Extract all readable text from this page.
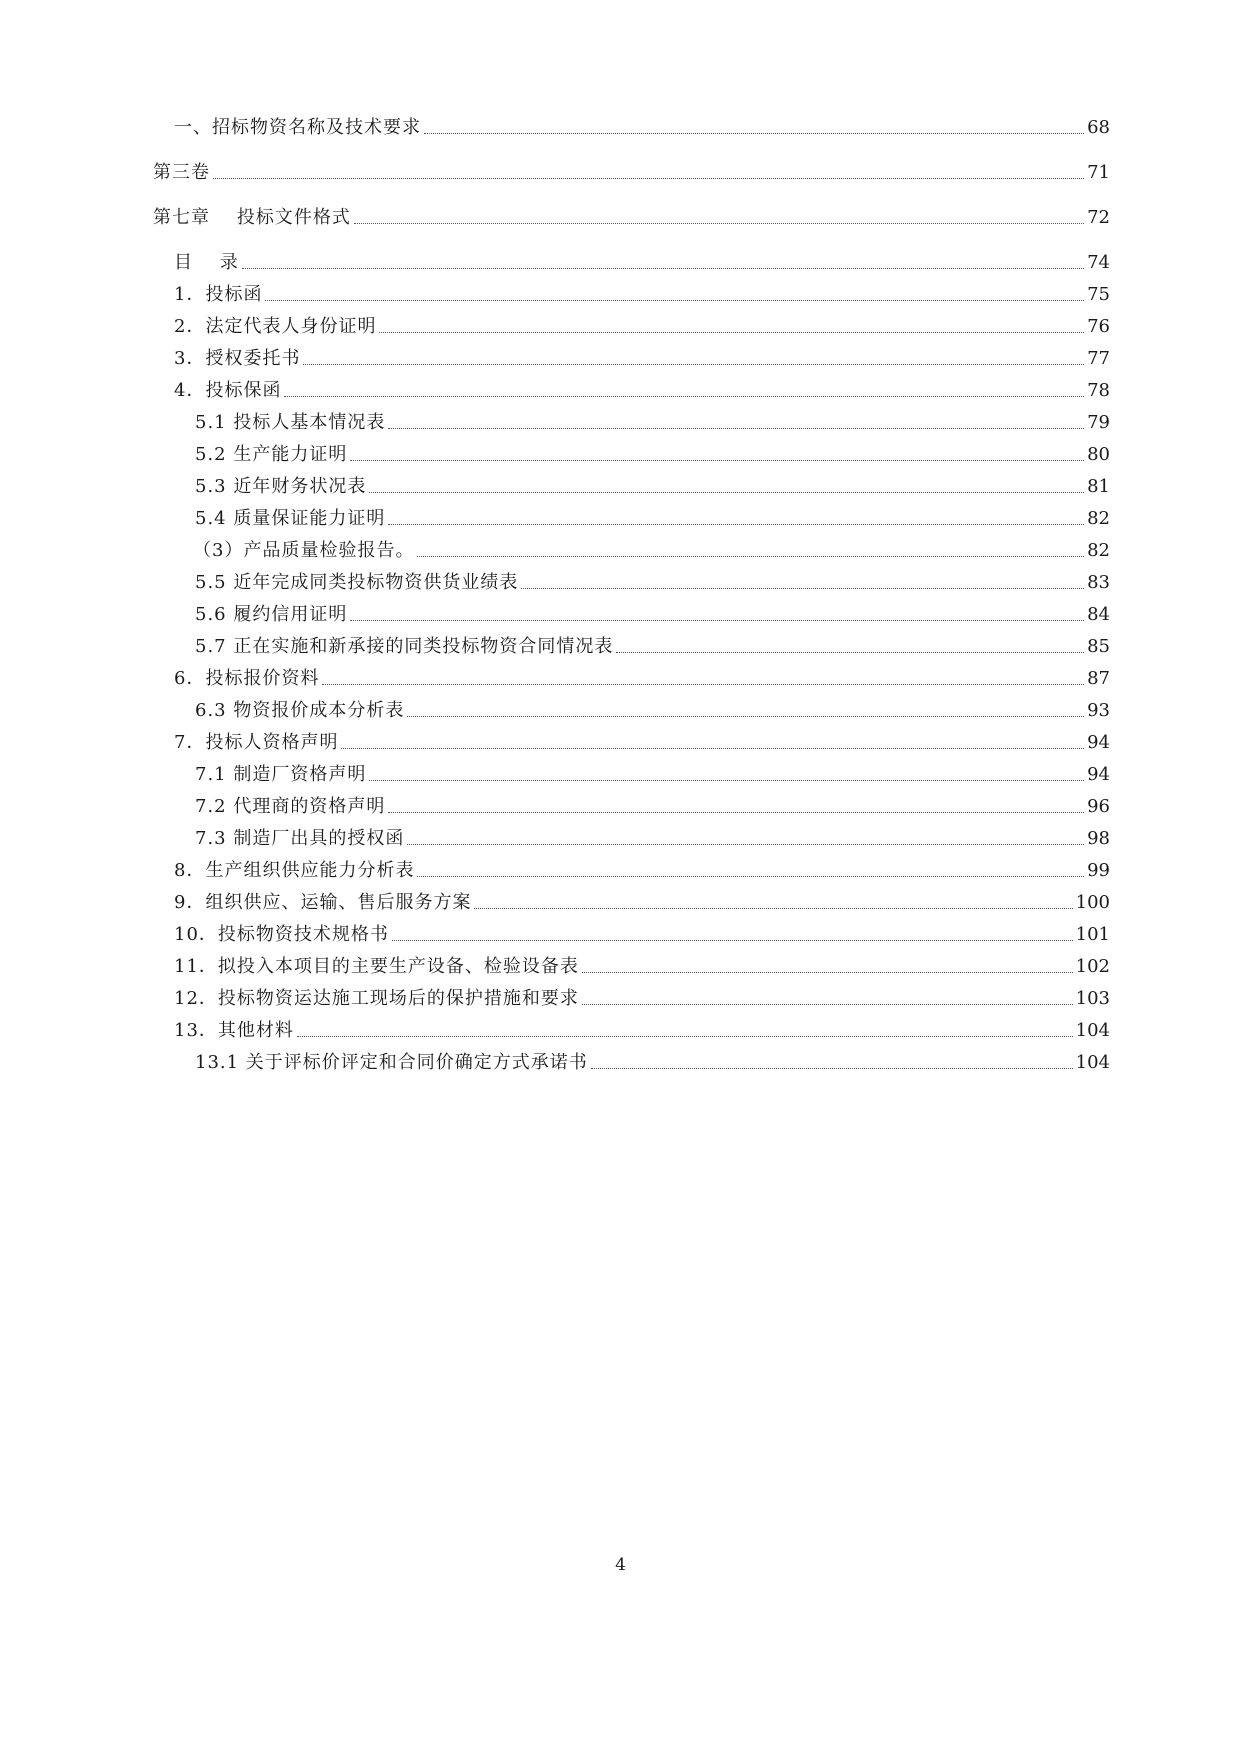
一、招标物资名称及技术要求	68
第三卷	71
第七章    投标文件格式	72
目    录	74
1．投标函	75
2．法定代表人身份证明	76
3．授权委托书	77
4．投标保函	78
5.1 投标人基本情况表	79
5.2 生产能力证明	80
5.3 近年财务状况表	81
5.4 质量保证能力证明	82
（3）产品质量检验报告。	82
5.5 近年完成同类投标物资供货业绩表	83
5.6 履约信用证明	84
5.7 正在实施和新承接的同类投标物资合同情况表	85
6．投标报价资料	87
6.3 物资报价成本分析表	93
7．投标人资格声明	94
7.1 制造厂资格声明	94
7.2 代理商的资格声明	96
7.3 制造厂出具的授权函	98
8．生产组织供应能力分析表	99
9．组织供应、运输、售后服务方案	100
10．投标物资技术规格书	101
11．拟投入本项目的主要生产设备、检验设备表	102
12．投标物资运达施工现场后的保护措施和要求	103
13．其他材料	104
13.1 关于评标价评定和合同价确定方式承诺书	104
4
